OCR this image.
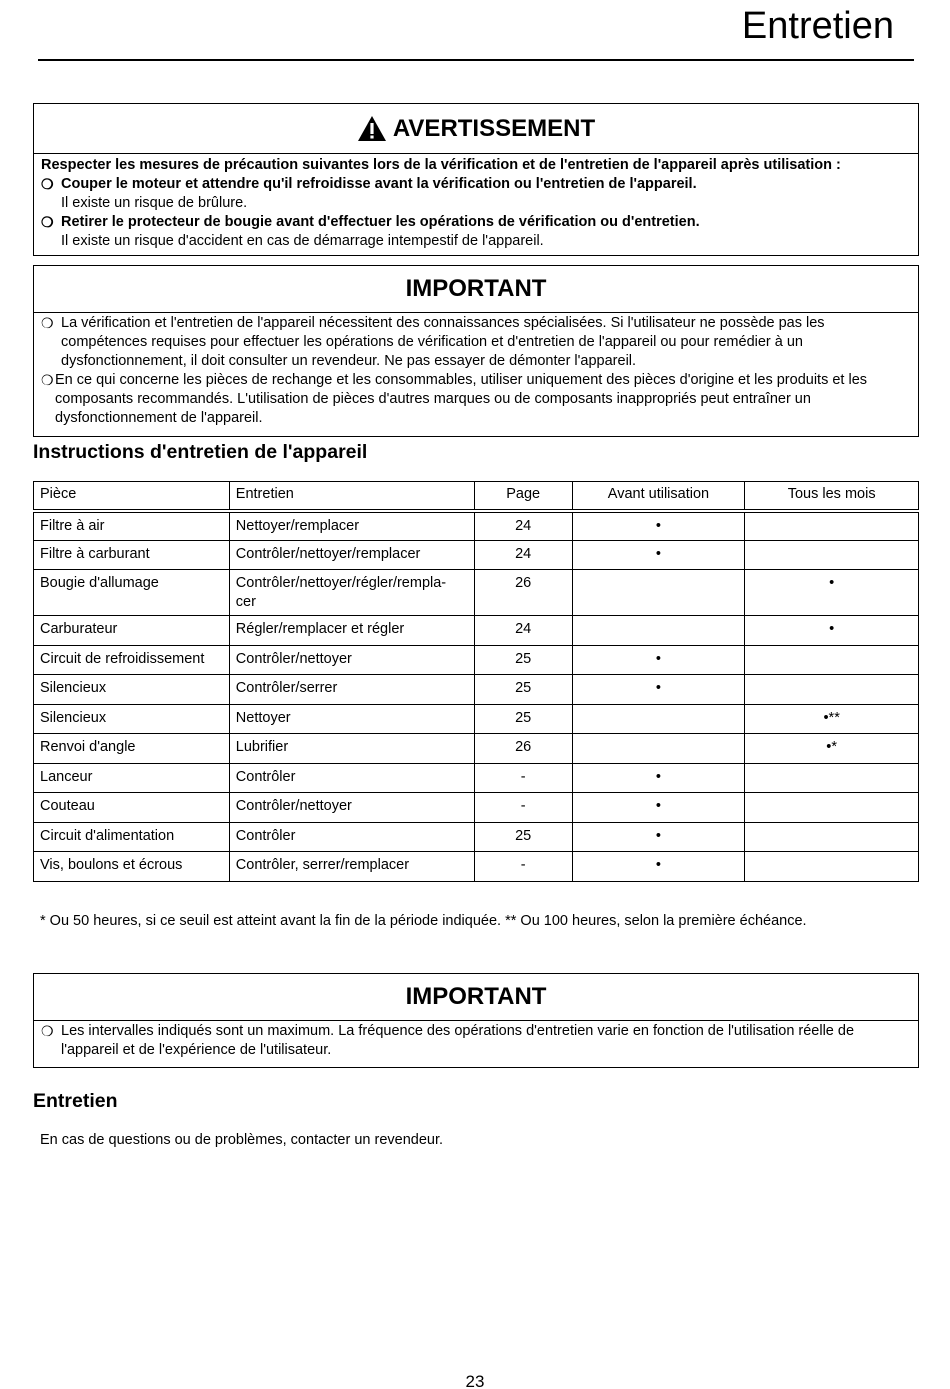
Entretien
AVERTISSEMENT
Respecter les mesures de précaution suivantes lors de la vérification et de l'entretien de l'appareil après utilisation :
❍ Couper le moteur et attendre qu'il refroidisse avant la vérification ou l'entretien de l'appareil.
Il existe un risque de brûlure.
❍ Retirer le protecteur de bougie avant d'effectuer les opérations de vérification ou d'entretien.
Il existe un risque d'accident en cas de démarrage intempestif de l'appareil.
IMPORTANT
❍ La vérification et l'entretien de l'appareil nécessitent des connaissances spécialisées. Si l'utilisateur ne possède pas les compétences requises pour effectuer les opérations de vérification et d'entretien de l'appareil ou pour remédier à un dysfonctionnement, il doit consulter un revendeur. Ne pas essayer de démonter l'appareil.
❍ En ce qui concerne les pièces de rechange et les consommables, utiliser uniquement des pièces d'origine et les produits et les composants recommandés. L'utilisation de pièces d'autres marques ou de composants inappropriés peut entraîner un dysfonctionnement de l'appareil.
Instructions d'entretien de l'appareil
Pièce	Entretien	Page	Avant utilisation	Tous les mois
Filtre à air	Nettoyer/remplacer	24	•	
Filtre à carburant	Contrôler/nettoyer/remplacer	24	•	
Bougie d'allumage	Contrôler/nettoyer/régler/rempla-
cer	26		•
Carburateur	Régler/remplacer et régler	24		•
Circuit de refroidissement	Contrôler/nettoyer	25	•	
Silencieux	Contrôler/serrer	25	•	
Silencieux	Nettoyer	25		•**
Renvoi d'angle	Lubrifier	26		•*
Lanceur	Contrôler	-	•	
Couteau	Contrôler/nettoyer	-	•	
Circuit d'alimentation	Contrôler	25	•	
Vis, boulons et écrous	Contrôler, serrer/remplacer	-	•	
* Ou 50 heures, si ce seuil est atteint avant la fin de la période indiquée. ** Ou 100 heures, selon la première échéance.
IMPORTANT
❍ Les intervalles indiqués sont un maximum. La fréquence des opérations d'entretien varie en fonction de l'utilisation réelle de l'appareil et de l'expérience de l'utilisateur.
Entretien
En cas de questions ou de problèmes, contacter un revendeur.
23
